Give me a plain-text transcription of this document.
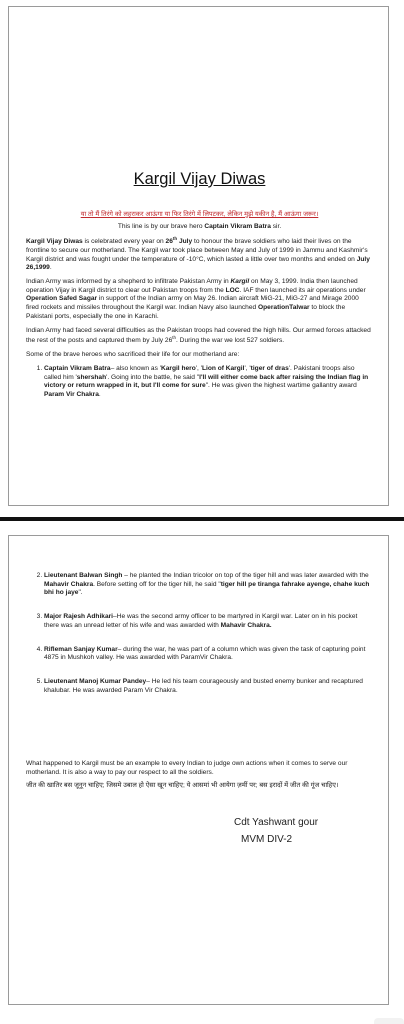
Kargil Vijay Diwas
या तो मैं तिरंगे को लहराकर आऊंगा या फिर तिरंगे में लिपटकर, लेकिन मुझे यकीन है, मैं आऊंगा जरूर।
This line is by our brave hero Captain Vikram Batra sir.

Kargil Vijay Diwas is celebrated every year on 26th July to honour the brave soldiers who laid their lives on the frontline to secure our motherland. The Kargil war took place between May and July of 1999 in Jammu and Kashmir's Kargil district and was fought under the temperature of -10°C, which lasted a little over two months and ended on July 26,1999.

Indian Army was informed by a shepherd to infiltrate Pakistan Army in Kargil on May 3, 1999. India then launched operation Vijay in Kargil district to clear out Pakistan troops from the LOC. IAF then launched its air operations under Operation Safed Sagar in support of the Indian army on May 26. Indian aircraft MiG-21, MiG-27 and Mirage 2000 fired rockets and missiles throughout the Kargil war. Indian Navy also launched OperationTalwar to block the Pakistani ports, especially the one in Karachi.

Indian Army had faced several difficulties as the Pakistan troops had covered the high hills. Our armed forces attacked the rest of the posts and captured them by July 26th. During the war we lost 527 soldiers.

Some of the brave heroes who sacrificed their life for our motherland are:

1. Captain Vikram Batra– also known as 'Kargil hero', 'Lion of Kargil', 'tiger of dras'. Pakistani troops also called him 'shershah'. Going into the battle, he said "I'll will either come back after raising the Indian flag in victory or return wrapped in it, but I'll come for sure". He was given the highest wartime gallantry award Param Vir Chakra.
2. Lieutenant Balwan Singh – he planted the Indian tricolor on top of the tiger hill and was later awarded with the Mahavir Chakra. Before setting off for the tiger hill, he said "tiger hill pe tiranga fahrake ayenge, chahe kuch bhi ho jaye".
3. Major Rajesh Adhikari–He was the second army officer to be martyred in Kargil war. Later on in his pocket there was an unread letter of his wife and was awarded with Mahavir Chakra.
4. Rifleman Sanjay Kumar– during the war, he was part of a column which was given the task of capturing point 4875 in Mushkoh valley. He was awarded with ParamVir Chakra.
5. Lieutenant Manoj Kumar Pandey– He led his team courageously and busted enemy bunker and recaptured khalubar. He was awarded Param Vir Chakra.

What happened to Kargil must be an example to every Indian to judge own actions when it comes to serve our motherland. It is also a way to pay our respect to all the soldiers.

जीत की खातिर बस जूनून चाहिए; जिसमे उबाल हो ऐसा खून चाहिए; ये आसमां भी आयेगा ज़मीं पर; बस इरादों में जीत की गूंज चाहिए।

Cdt Yashwant gour
MVM DIV-2
